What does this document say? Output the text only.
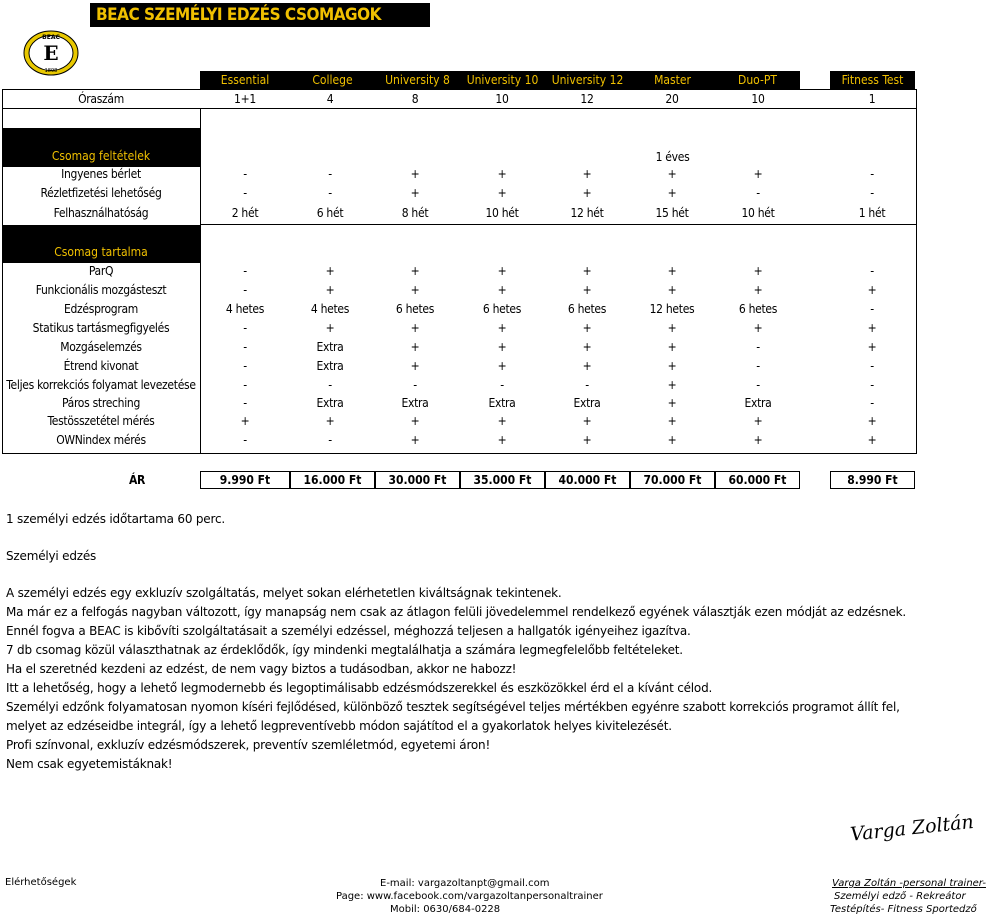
BEAC SZEMÉLYI EDZÉS CSOMAGOK
BEAC
E
1898
Essential	College	University 8	University 10	University 12	Master	Duo-PT	Fitness Test
Csomag feltételek
Csomag tartalma
1 éves
Óraszám	1+1	4	8	10	12	20	10	1
Ingyenes bérlet	-	-	+	+	+	+	+	-
Rézletfizetési lehetőség	-	-	+	+	+	+	-	-
Felhasználhatóság	2 hét	6 hét	8 hét	10 hét	12 hét	15 hét	10 hét	1 hét
ParQ	-	+	+	+	+	+	+	-
Funkcionális mozgásteszt	-	+	+	+	+	+	+	+
Edzésprogram	4 hetes	4 hetes	6 hetes	6 hetes	6 hetes	12 hetes	6 hetes	-
Statikus tartásmegfigyelés	-	+	+	+	+	+	+	+
Mozgáselemzés	-	Extra	+	+	+	+	-	+
Étrend kivonat	-	Extra	+	+	+	+	-	-
Teljes korrekciós folyamat levezetése	-	-	-	-	-	+	-	-
Páros streching	-	Extra	Extra	Extra	Extra	+	Extra	-
Testösszetétel mérés	+	+	+	+	+	+	+	+
OWNindex mérés	-	-	+	+	+	+	+	+
ÁR	9.990 Ft	16.000 Ft	30.000 Ft	35.000 Ft	40.000 Ft	70.000 Ft	60.000 Ft	8.990 Ft
1 személyi edzés időtartama 60 perc.
Személyi edzés
A személyi edzés egy exkluzív szolgáltatás, melyet sokan elérhetetlen kiváltságnak tekintenek.
Ma már ez a felfogás nagyban változott, így manapság nem csak az átlagon felüli jövedelemmel rendelkező egyének választják ezen módját az edzésnek.
Ennél fogva a BEAC is kibővíti szolgáltatásait a személyi edzéssel, méghozzá teljesen a hallgatók igényeihez igazítva.
7 db csomag közül választhatnak az érdeklődők, így mindenki megtalálhatja a számára legmegfelelőbb feltételeket.
Ha el szeretnéd kezdeni az edzést, de nem vagy biztos a tudásodban, akkor ne habozz!
Itt a lehetőség, hogy a lehető legmodernebb és legoptimálisabb edzésmódszerekkel és eszközökkel érd el a kívánt célod.
Személyi edzőnk folyamatosan nyomon kíséri fejlődésed, különböző tesztek segítségével teljes mértékben egyénre szabott korrekciós programot állít fel,
melyet az edzéseidbe integrál, így a lehető legpreventívebb módon sajátítod el a gyakorlatok helyes kivitelezését.
Profi színvonal, exkluzív edzésmódszerek, preventív szemléletmód, egyetemi áron!
Nem csak egyetemistáknak!
Varga Zoltán
Elérhetőségek	E-mail: vargazoltanpt@gmail.com
Page: www.facebook.com/vargazoltanpersonaltrainer
Mobil: 0630/684-0228
Varga Zoltán -personal trainer-
Személyi edző - Rekreátor
Testépítés- Fitness Sportedző
